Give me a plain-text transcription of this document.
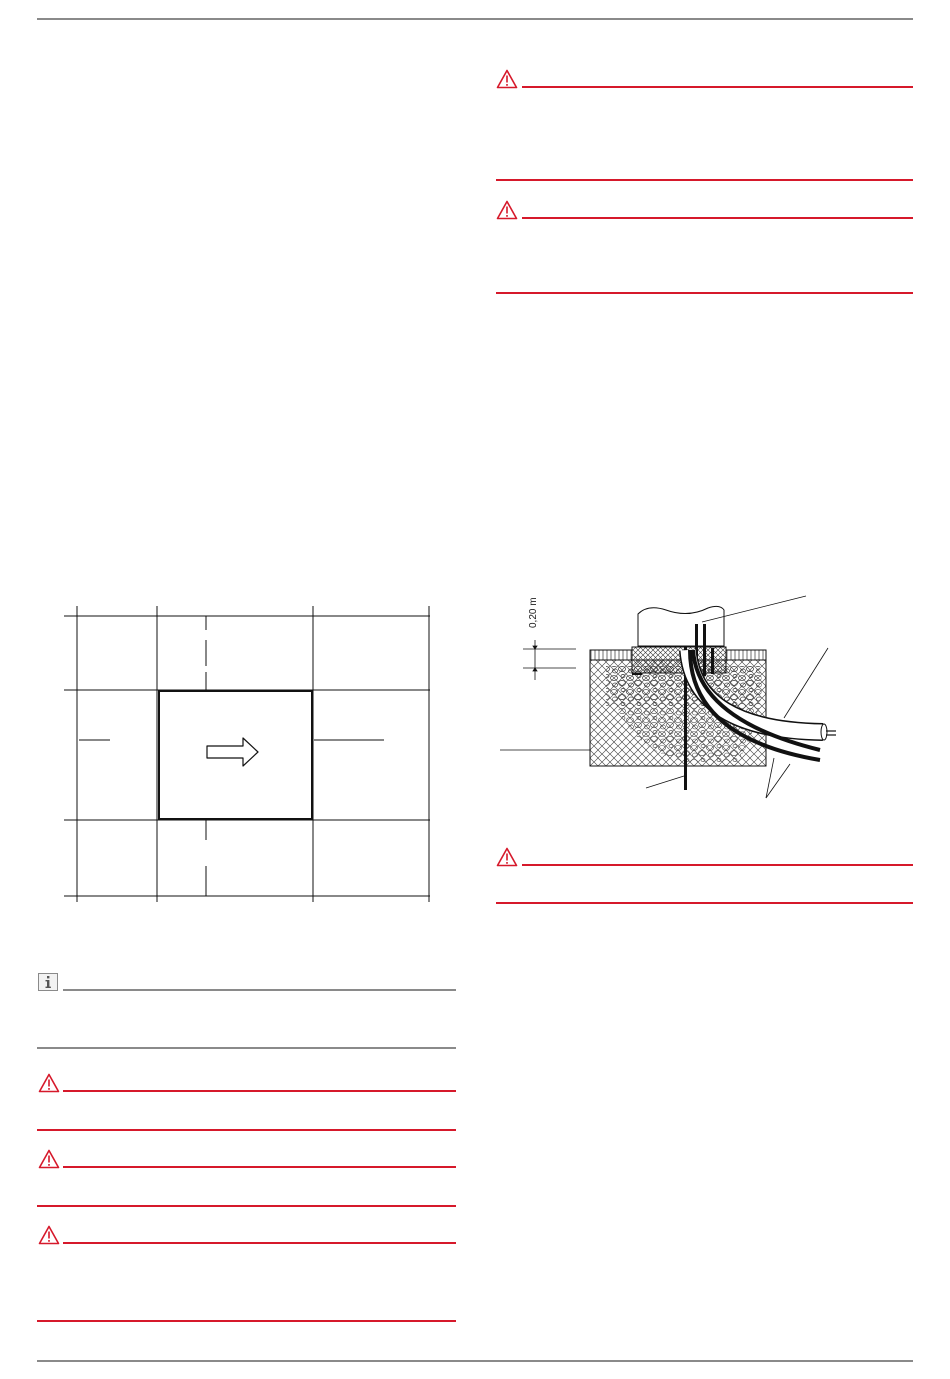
0,20 m
